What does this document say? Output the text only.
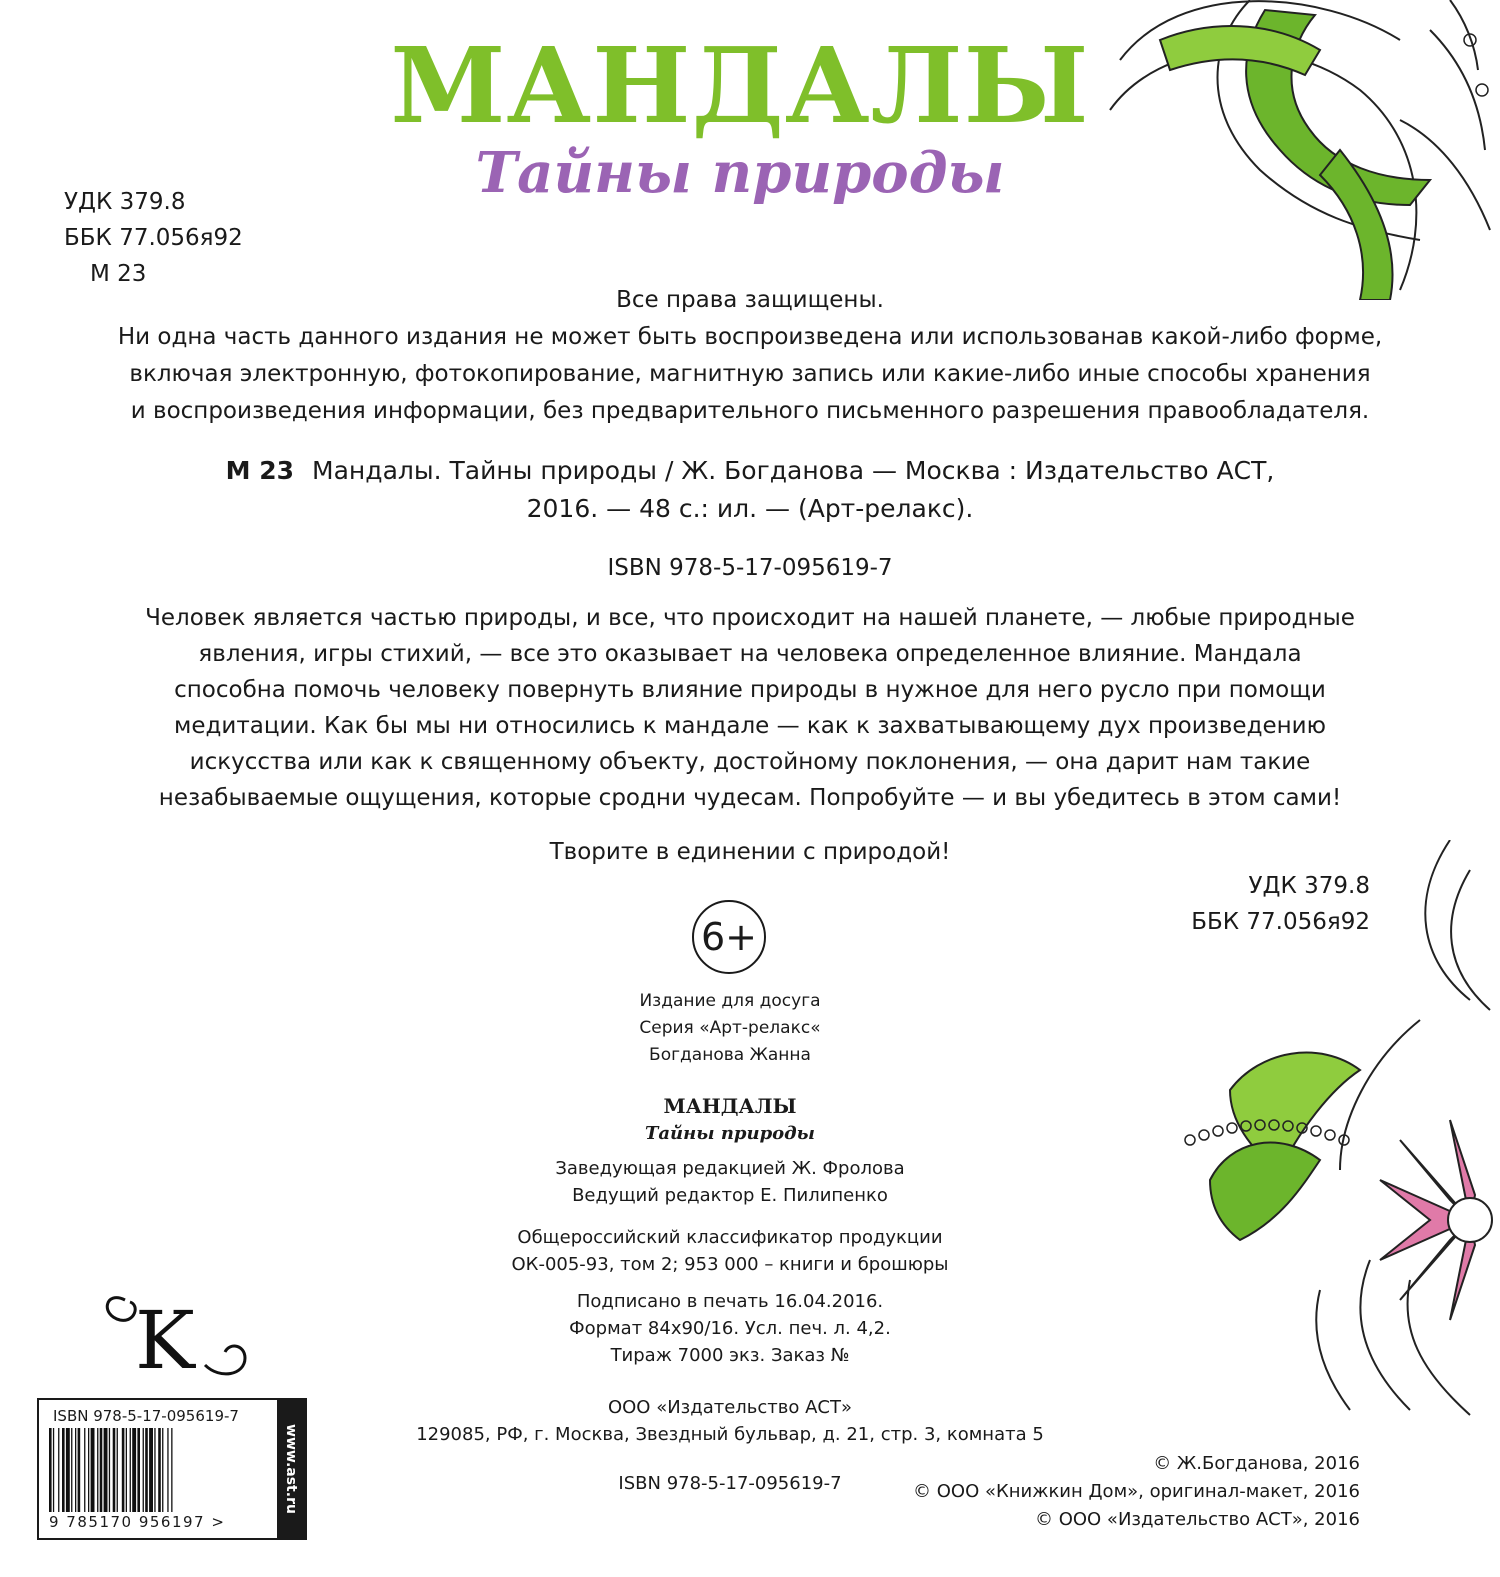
МАНДАЛЫ
Тайны природы
УДК 379.8
ББК 77.056я92
М 23
Все права защищены.
Ни одна часть данного издания не может быть воспроизведена или использованав какой-либо форме,
включая электронную, фотокопирование, магнитную запись или какие-либо иные способы хранения
и воспроизведения информации, без предварительного письменного разрешения правообладателя.
М 23 Мандалы. Тайны природы / Ж. Богданова — Москва : Издательство АСТ,
2016. — 48 с.: ил. — (Арт-релакс).
ISBN 978-5-17-095619-7
Человек является частью природы, и все, что происходит на нашей планете, — любые природные
явления, игры стихий, — все это оказывает на человека определенное влияние. Мандала
способна помочь человеку повернуть влияние природы в нужное для него русло при помощи
медитации. Как бы мы ни относились к мандале — как к захватывающему дух произведению
искусства или как к священному объекту, достойному поклонения, — она дарит нам такие
незабываемые ощущения, которые сродни чудесам. Попробуйте — и вы убедитесь в этом сами!
Творите в единении с природой!
УДК 379.8
ББК 77.056я92
6+
Издание для досуга
Серия «Арт-релакс«
Богданова Жанна
МАНДАЛЫ
Тайны природы
Заведующая редакцией Ж. Фролова
Ведущий редактор Е. Пилипенко
Общероссийский классификатор продукции
ОК-005-93, том 2; 953 000 – книги и брошюры
Подписано в печать 16.04.2016.
Формат 84х90/16. Усл. печ. л. 4,2.
Тираж 7000 экз. Заказ №
ООО «Издательство АСТ»
129085, РФ, г. Москва, Звездный бульвар, д. 21, стр. 3, комната 5
ISBN 978-5-17-095619-7
© Ж.Богданова, 2016
© ООО «Книжкин Дом», оригинал-макет, 2016
© ООО «Издательство АСТ», 2016
K
ISBN 978-5-17-095619-7
9 785170 956197 >
www.ast.ru
